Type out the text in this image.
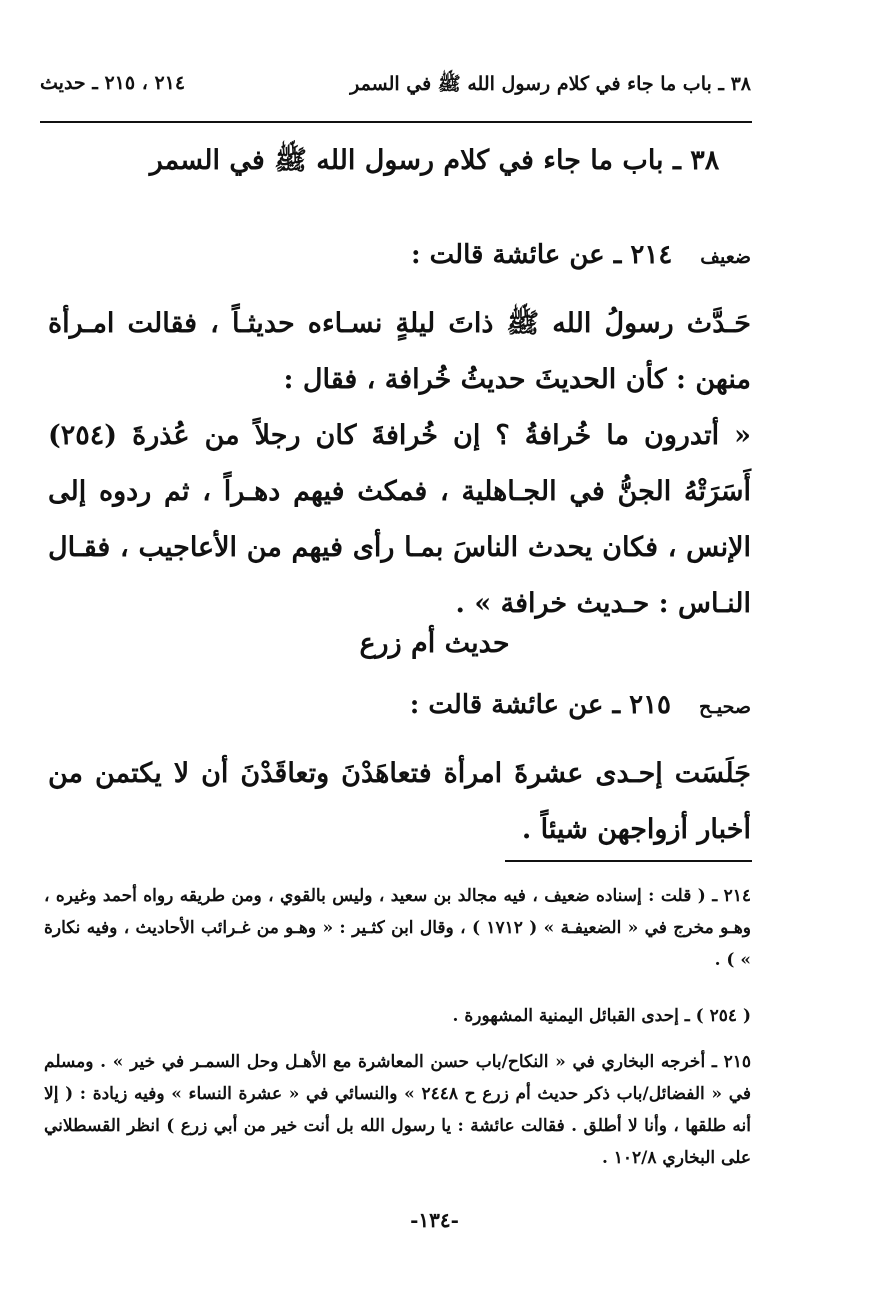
٣٨ ـ باب ما جاء في كلام رسول الله ﷺ في السمر
٢١٤ ، ٢١٥ ـ حديث
٣٨ ـ باب ما جاء في كلام رسول الله ﷺ في السمر
ضعيف٢١٤ ـ عن عائشة قالت :

حَـدَّث رسولُ الله ﷺ ذاتَ ليلةٍ نسـاءه حديثـاً ، فقالت امـرأة منهن : كأن الحديثَ حديثُ خُرافة ، فقال :

« أتدرون ما خُرافةُ ؟ إن خُرافةَ كان رجلاً من عُذرةَ (٢٥٤) أَسَرَتْهُ الجنُّ في الجـاهلية ، فمكث فيهم دهـراً ، ثم ردوه إلى الإنس ، فكان يحدث الناسَ بمـا رأى فيهم من الأعاجيب ، فقـال النـاس : حـديث خرافة » .

حديث أم زرع
صحيـح٢١٥ ـ عن عائشة قالت :

جَلَسَت إحـدى عشرةَ امرأة فتعاهَدْنَ وتعاقَدْنَ أن لا يكتمن من أخبار أزواجهن شيئاً .

٢١٤ ـ ( قلت : إسناده ضعيف ، فيه مجالد بن سعيد ، وليس بالقوي ، ومن طريقه رواه أحمد وغيره ، وهـو مخرج في « الضعيفـة » ( ١٧١٢ ) ، وقال ابن كثـير : « وهـو من غـرائب الأحاديث ، وفيه نكارة » ) .

( ٢٥٤ ) ـ إحدى القبائل اليمنية المشهورة .

٢١٥ ـ أخرجه البخاري في « النكاح/باب حسن المعاشرة مع الأهـل وحل السمـر في خير » . ومسلم في « الفضائل/باب ذكر حديث أم زرع ح ٢٤٤٨ » والنسائي في « عشرة النساء » وفيه زيادة : ( إلا أنه طلقها ، وأنا لا أطلق . فقالت عائشة : يا رسول الله بل أنت خير من أبي زرع ) انظر القسطلاني على البخاري ١٠٢/٨ .

-١٣٤-
